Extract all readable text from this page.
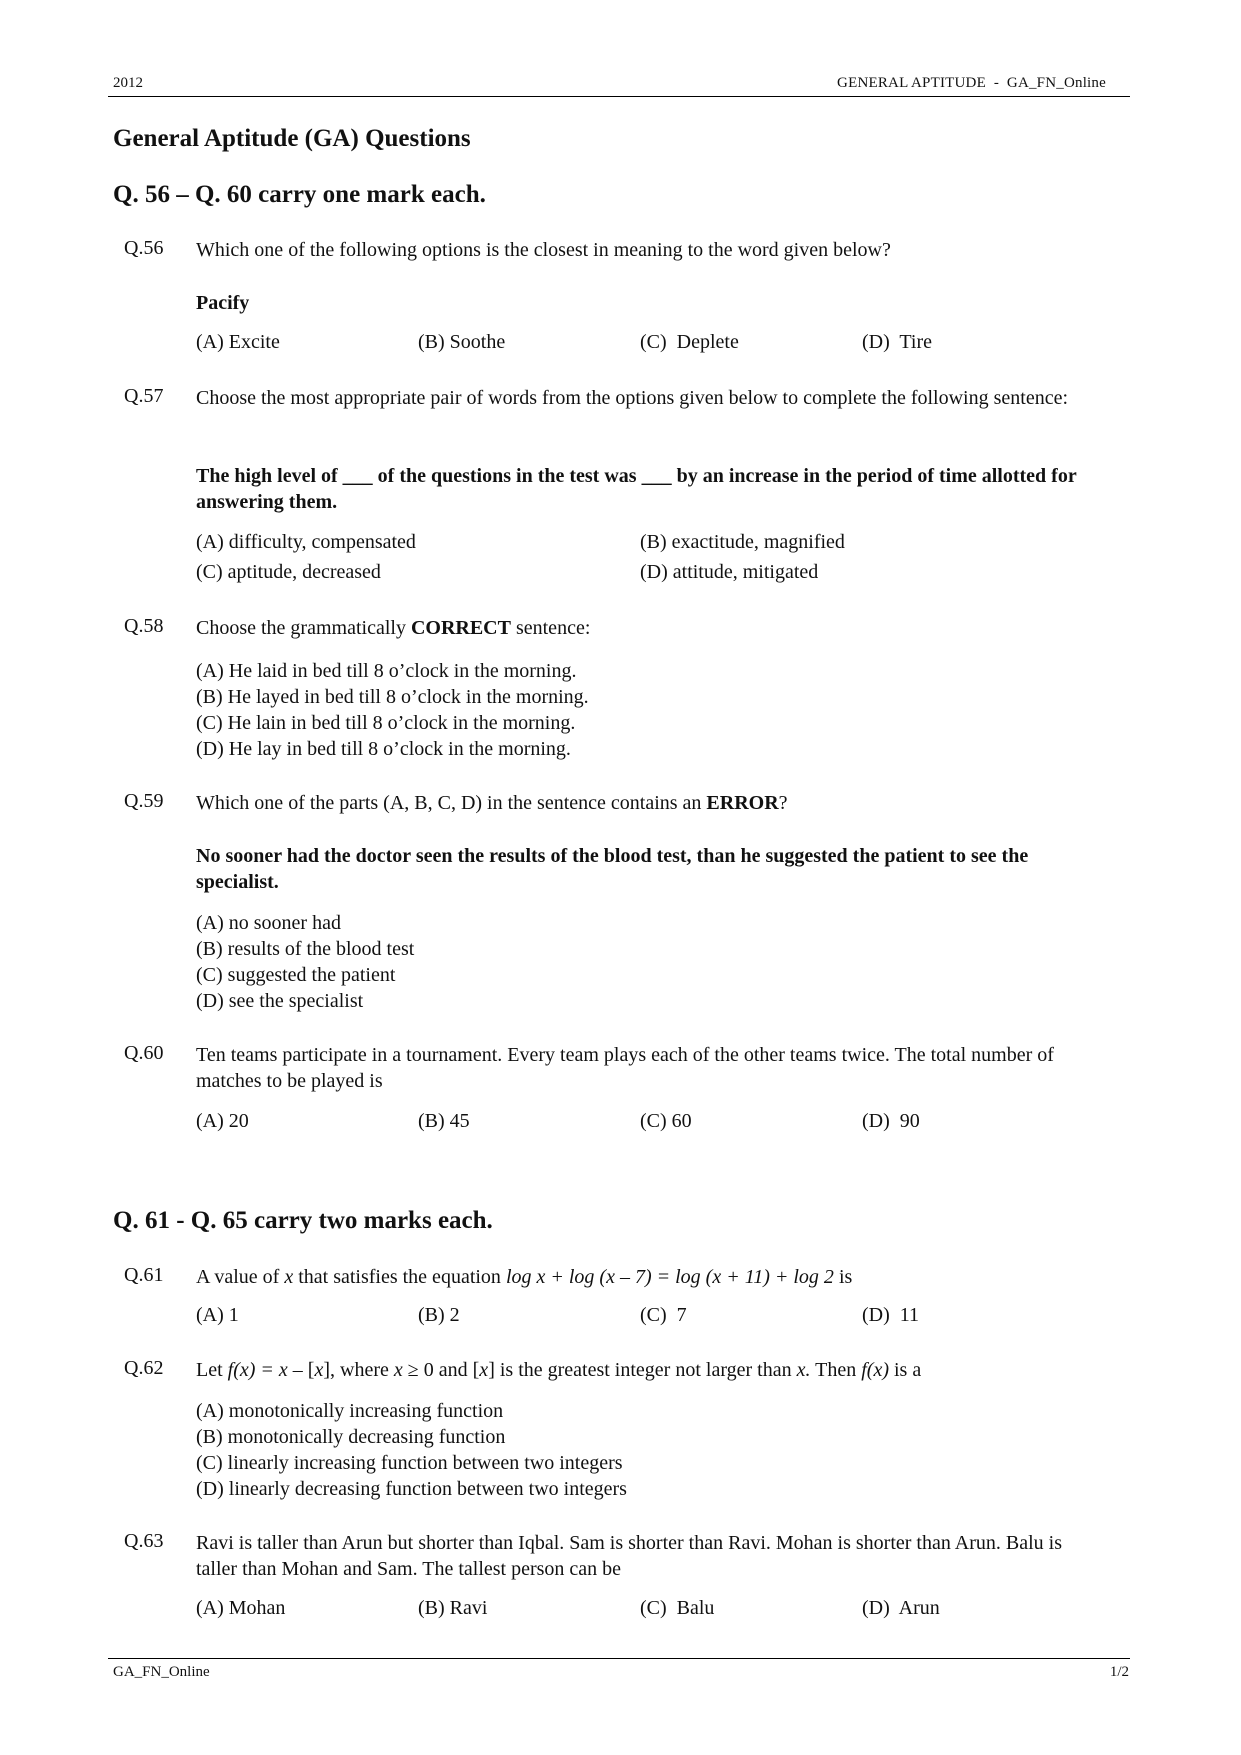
2012	GENERAL APTITUDE  -  GA_FN_Online
General Aptitude (GA) Questions
Q. 56 – Q. 60 carry one mark each.
Q.56 Which one of the following options is the closest in meaning to the word given below?
Pacify
(A) Excite	(B) Soothe	(C)  Deplete	(D)  Tire
Q.57 Choose the most appropriate pair of words from the options given below to complete the following sentence:
The high level of ___ of the questions in the test was ___ by an increase in the period of time allotted for answering them.
(A) difficulty, compensated	(B) exactitude, magnified
(C) aptitude, decreased	(D) attitude, mitigated
Q.58 Choose the grammatically CORRECT sentence:
(A) He laid in bed till 8 o’clock in the morning.
(B) He layed in bed till 8 o’clock in the morning.
(C) He lain in bed till 8 o’clock in the morning.
(D) He lay in bed till 8 o’clock in the morning.
Q.59 Which one of the parts (A, B, C, D) in the sentence contains an ERROR?
No sooner had the doctor seen the results of the blood test, than he suggested the patient to see the specialist.
(A) no sooner had
(B) results of the blood test
(C) suggested the patient
(D) see the specialist
Q.60 Ten teams participate in a tournament. Every team plays each of the other teams twice. The total number of matches to be played is
(A) 20	(B) 45	(C) 60	(D)  90
Q. 61 - Q. 65 carry two marks each.
Q.61 A value of x that satisfies the equation log x + log (x – 7) = log (x + 11) + log 2 is
(A) 1	(B) 2	(C)  7	(D)  11
Q.62 Let f(x) = x – [x], where x ≥ 0 and [x] is the greatest integer not larger than x. Then f(x) is a
(A) monotonically increasing function
(B) monotonically decreasing function
(C) linearly increasing function between two integers
(D) linearly decreasing function between two integers
Q.63 Ravi is taller than Arun but shorter than Iqbal. Sam is shorter than Ravi. Mohan is shorter than Arun. Balu is taller than Mohan and Sam. The tallest person can be
(A) Mohan	(B) Ravi	(C)  Balu	(D)  Arun
GA_FN_Online	1/2
